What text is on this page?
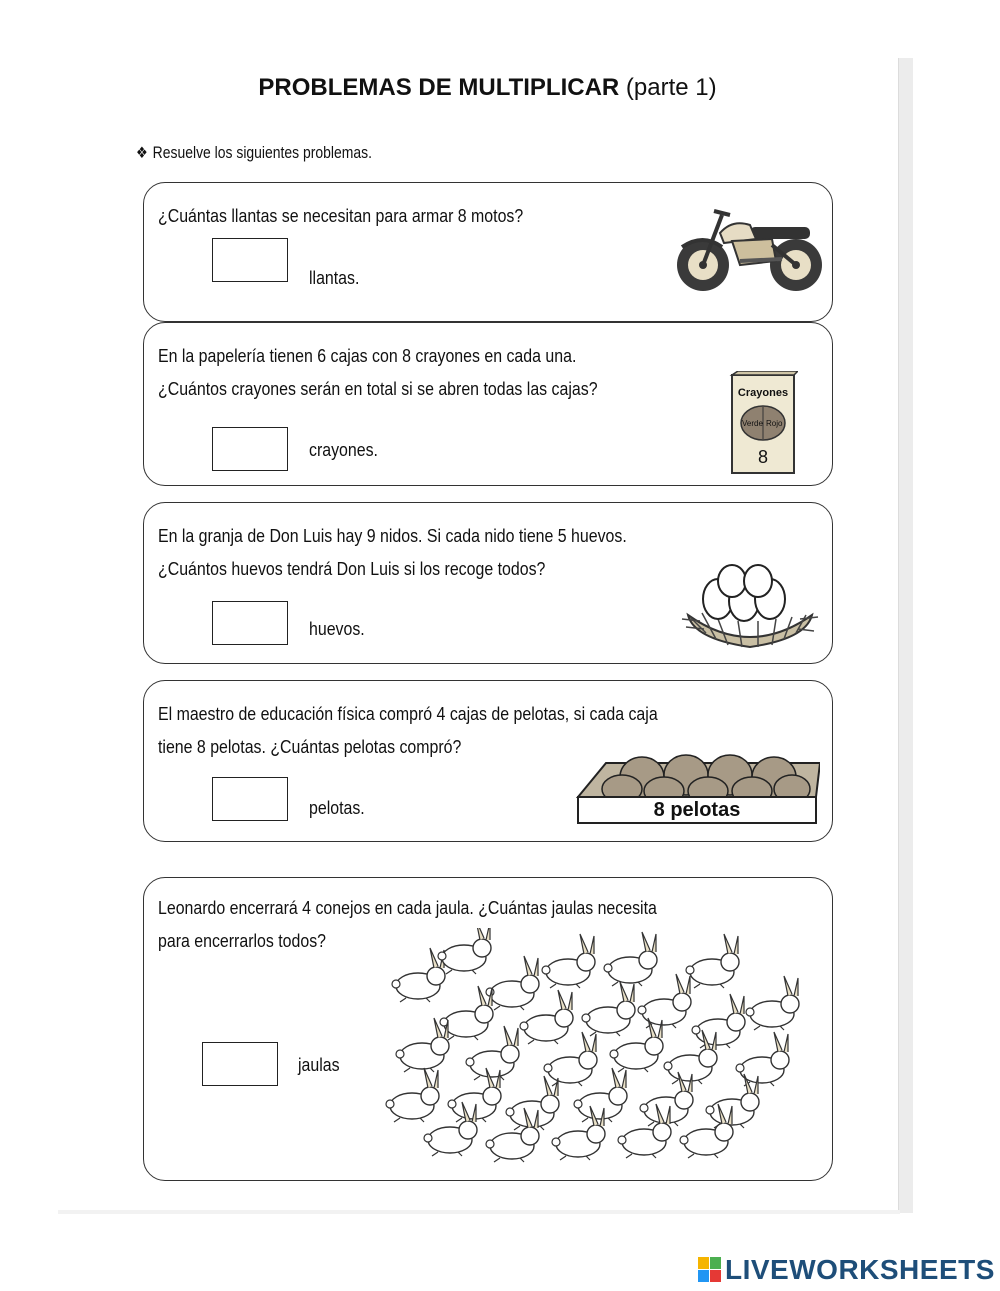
PROBLEMAS DE MULTIPLICAR (parte 1)
❖ Resuelve los siguientes problemas.
¿Cuántas llantas se necesitan para armar 8 motos?
llantas.
En la papelería tienen 6 cajas con 8 crayones en cada una.
¿Cuántos crayones serán en total si se abren todas las cajas?
crayones.
Crayones
Verde Rojo
8
En la granja de Don Luis hay 9 nidos. Si cada nido tiene 5 huevos.
¿Cuántos huevos tendrá Don Luis si los recoge todos?
huevos.
El maestro de educación física compró 4 cajas de pelotas, si cada caja
tiene 8 pelotas. ¿Cuántas pelotas compró?
pelotas.	8 pelotas
Leonardo encerrará 4 conejos en cada jaula. ¿Cuántas jaulas necesita
para encerrarlos todos?
jaulas
LIVEWORKSHEETS
